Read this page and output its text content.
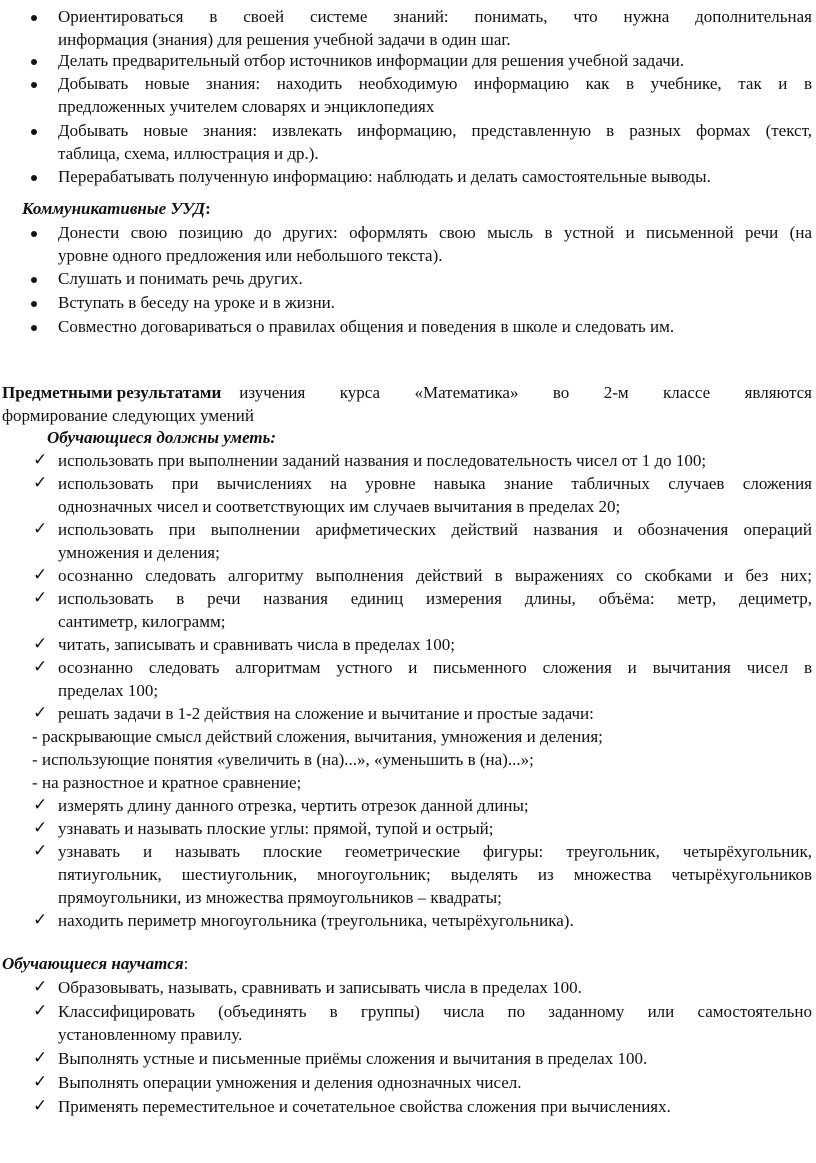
Ориентироваться в своей системе знаний: понимать, что нужна дополнительная
информация (знания) для решения учебной задачи в один шаг.
Делать предварительный отбор источников информации для решения учебной задачи.
Добывать новые знания: находить необходимую информацию как в учебнике, так и в
предложенных учителем словарях и энциклопедиях
Добывать новые знания: извлекать информацию, представленную в разных формах (текст,
таблица, схема, иллюстрация и др.).
Перерабатывать полученную информацию: наблюдать и делать самостоятельные выводы.
Коммуникативные УУД:
Донести свою позицию до других: оформлять свою мысль в устной и письменной речи (на
уровне одного предложения или небольшого текста).
Слушать и понимать речь других.
Вступать в беседу на уроке и в жизни.
Совместно договариваться о правилах общения и поведения в школе и следовать им.
Предметными результатами	изучения курса «Математика» во 2-м классе являются
формирование следующих умений
Обучающиеся должны уметь:
✓ использовать при выполнении заданий названия и последовательность чисел от 1 до 100;
✓ использовать при вычислениях на уровне навыка знание табличных случаев сложения
однозначных чисел и соответствующих им случаев вычитания в пределах 20;
✓ использовать при выполнении арифметических действий названия и обозначения операций
умножения и деления;
✓ осознанно следовать алгоритму выполнения действий в выражениях со скобками и без них;
✓ использовать в речи названия единиц измерения длины, объёма: метр, дециметр,
сантиметр, килограмм;
✓ читать, записывать и сравнивать числа в пределах 100;
✓ осознанно следовать алгоритмам устного и письменного сложения и вычитания чисел в
пределах 100;
✓ решать задачи в 1-2 действия на сложение и вычитание и простые задачи:
- раскрывающие смысл действий сложения, вычитания, умножения и деления;
- использующие понятия «увеличить в (на)...», «уменьшить в (на)...»;
- на разностное и кратное сравнение;
✓ измерять длину данного отрезка, чертить отрезок данной длины;
✓ узнавать и называть плоские углы: прямой, тупой и острый;
✓ узнавать и называть плоские геометрические фигуры: треугольник, четырёхугольник,
пятиугольник, шестиугольник, многоугольник; выделять из множества четырёхугольников
прямоугольники, из множества прямоугольников – квадраты;
✓ находить периметр многоугольника (треугольника, четырёхугольника).
Обучающиеся научатся:
✓ Образовывать, называть, сравнивать и записывать числа в пределах 100.
✓ Классифицировать (объединять в группы) числа по заданному или самостоятельно
установленному правилу.
✓ Выполнять устные и письменные приёмы сложения и вычитания в пределах 100.
✓ Выполнять операции умножения и деления однозначных чисел.
✓ Применять переместительное и сочетательное свойства сложения при вычислениях.
